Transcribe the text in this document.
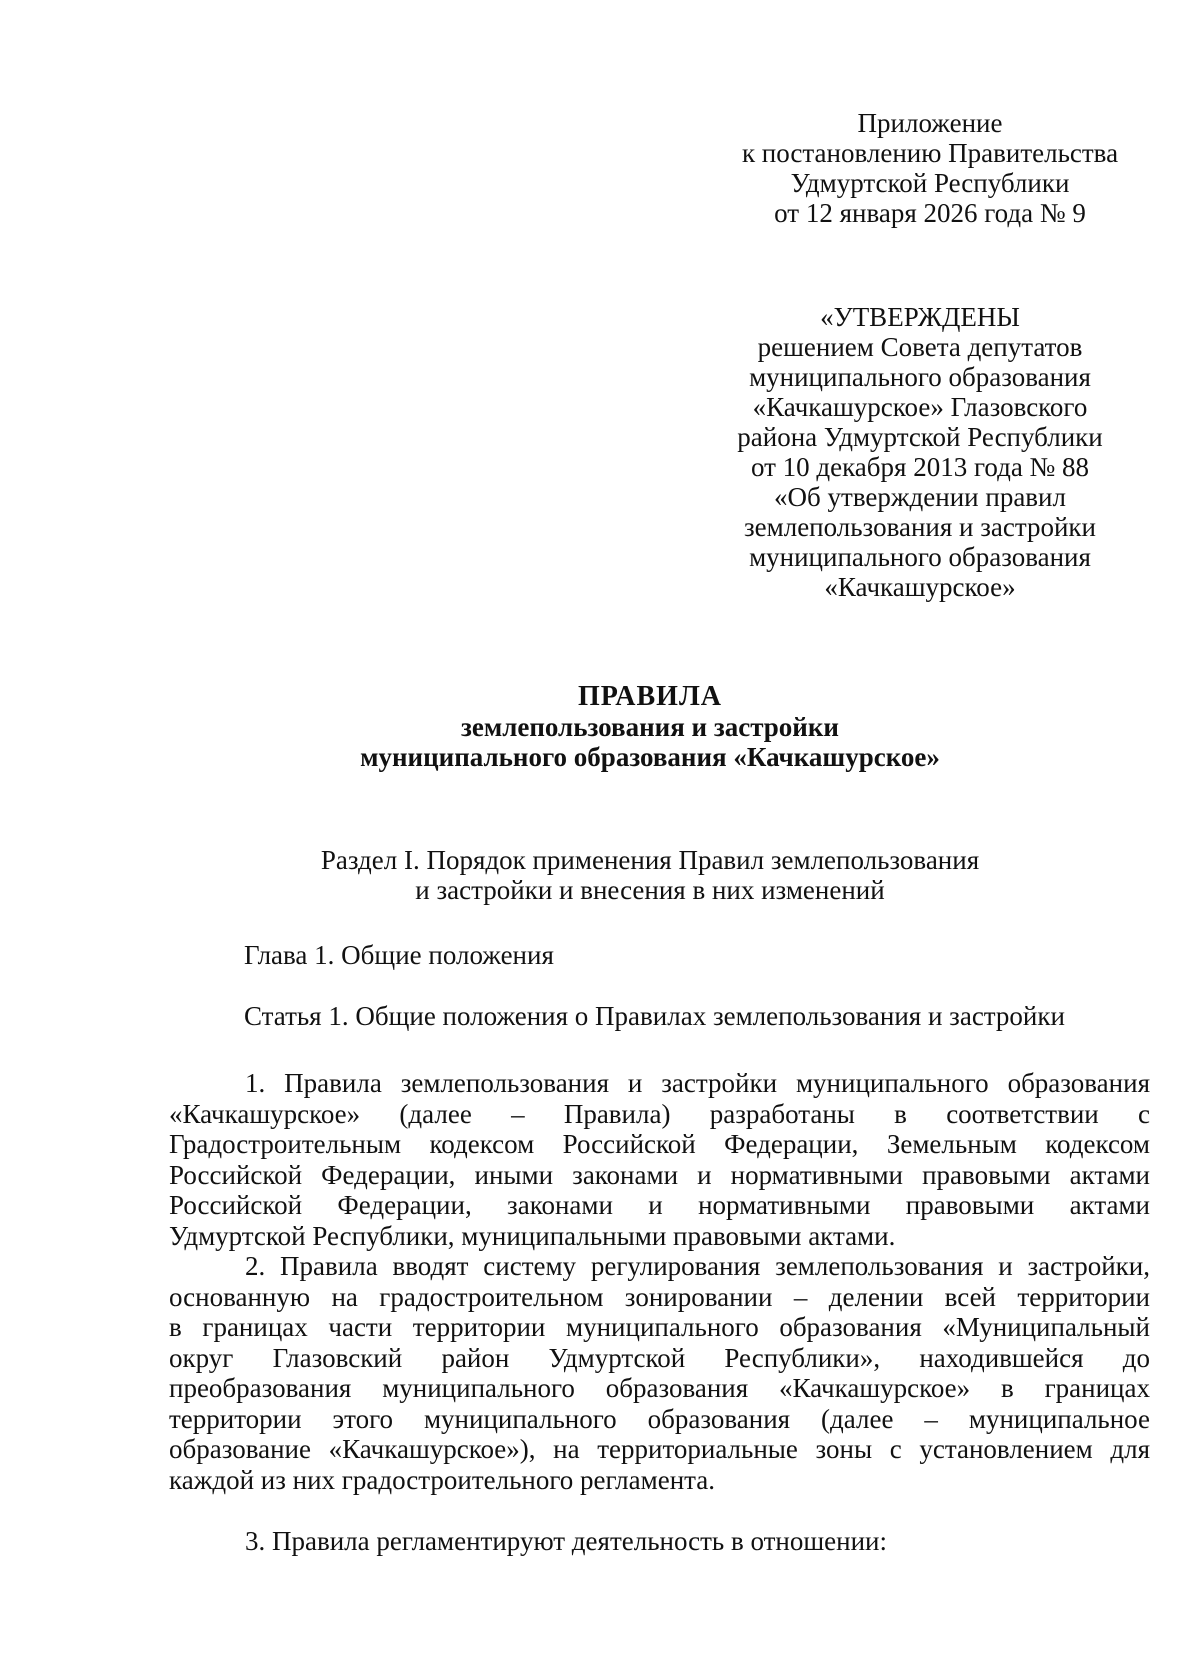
Приложение
к постановлению Правительства
Удмуртской Республики
от 12 января 2026 года № 9
«УТВЕРЖДЕНЫ
решением Совета депутатов
муниципального образования
«Качкашурское» Глазовского
района Удмуртской Республики
от 10 декабря 2013 года № 88
«Об утверждении правил
землепользования и застройки
муниципального образования
«Качкашурское»
ПРАВИЛА
землепользования и застройки
муниципального образования «Качкашурское»
Раздел I. Порядок применения Правил землепользования
и застройки и внесения в них изменений
Глава 1. Общие положения
Статья 1. Общие положения о Правилах землепользования и застройки
1. Правила землепользования и застройки муниципального образования
«Качкашурское» (далее – Правила) разработаны в соответствии с
Градостроительным кодексом Российской Федерации, Земельным кодексом
Российской Федерации, иными законами и нормативными правовыми актами
Российской Федерации, законами и нормативными правовыми актами
Удмуртской Республики, муниципальными правовыми актами.
2. Правила вводят систему регулирования землепользования и застройки,
основанную на градостроительном зонировании – делении всей территории
в границах части территории муниципального образования «Муниципальный
округ Глазовский район Удмуртской Республики», находившейся до
преобразования муниципального образования «Качкашурское» в границах
территории этого муниципального образования (далее – муниципальное
образование «Качкашурское»), на территориальные зоны с установлением для
каждой из них градостроительного регламента.
3. Правила регламентируют деятельность в отношении:
